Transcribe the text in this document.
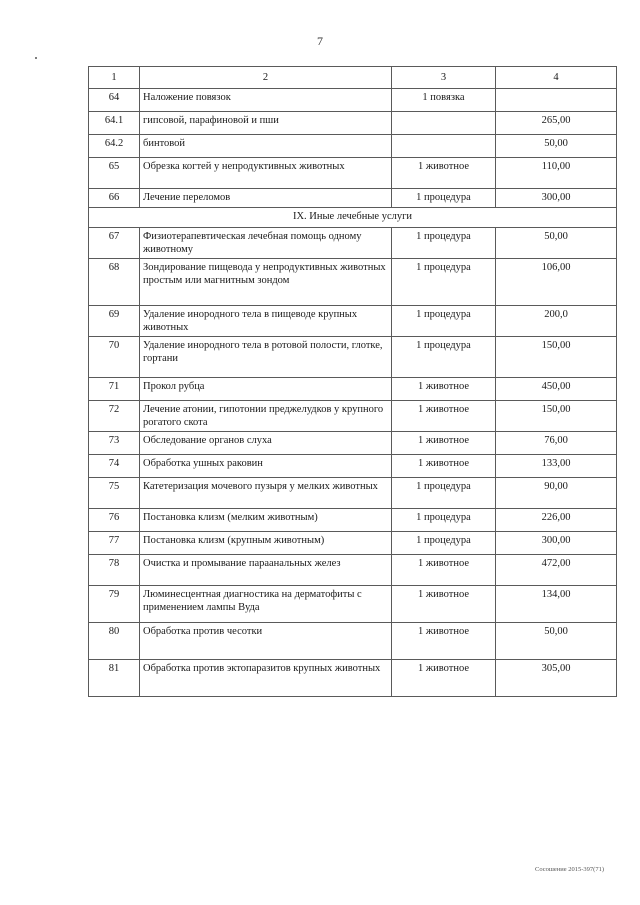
7
1	2	3	4
64	Наложение повязок	1 повязка	
64.1	гипсовой, парафиновой и пши		265,00
64.2	бинтовой		50,00
65	Обрезка когтей у непродуктивных животных	1 животное	110,00
66	Лечение переломов	1 процедура	300,00
IX. Иные лечебные услуги			
67	Физиотерапевтическая лечебная помощь одному животному	1 процедура	50,00
68	Зондирование пищевода у непродуктивных животных простым или магнитным зондом	1 процедура	106,00
69	Удаление инородного тела в пищеводе крупных животных	1 процедура	200,0
70	Удаление инородного тела в ротовой полости, глотке, гортани	1 процедура	150,00
71	Прокол рубца	1 животное	450,00
72	Лечение атонии, гипотонии преджелудков у крупного рогатого скота	1 животное	150,00
73	Обследование органов слуха	1 животное	76,00
74	Обработка ушных раковин	1 животное	133,00
75	Катетеризация мочевого пузыря у мелких животных	1 процедура	90,00
76	Постановка клизм (мелким животным)	1 процедура	226,00
77	Постановка клизм (крупным животным)	1 процедура	300,00
78	Очистка и промывание параанальных желез	1 животное	472,00
79	Люминесцентная диагностика на дерматофиты с применением лампы Вуда	1 животное	134,00
80	Обработка против чесотки	1 животное	50,00
81	Обработка против эктопаразитов крупных животных	1 животное	305,00
Сосошение 2015-397(71)
